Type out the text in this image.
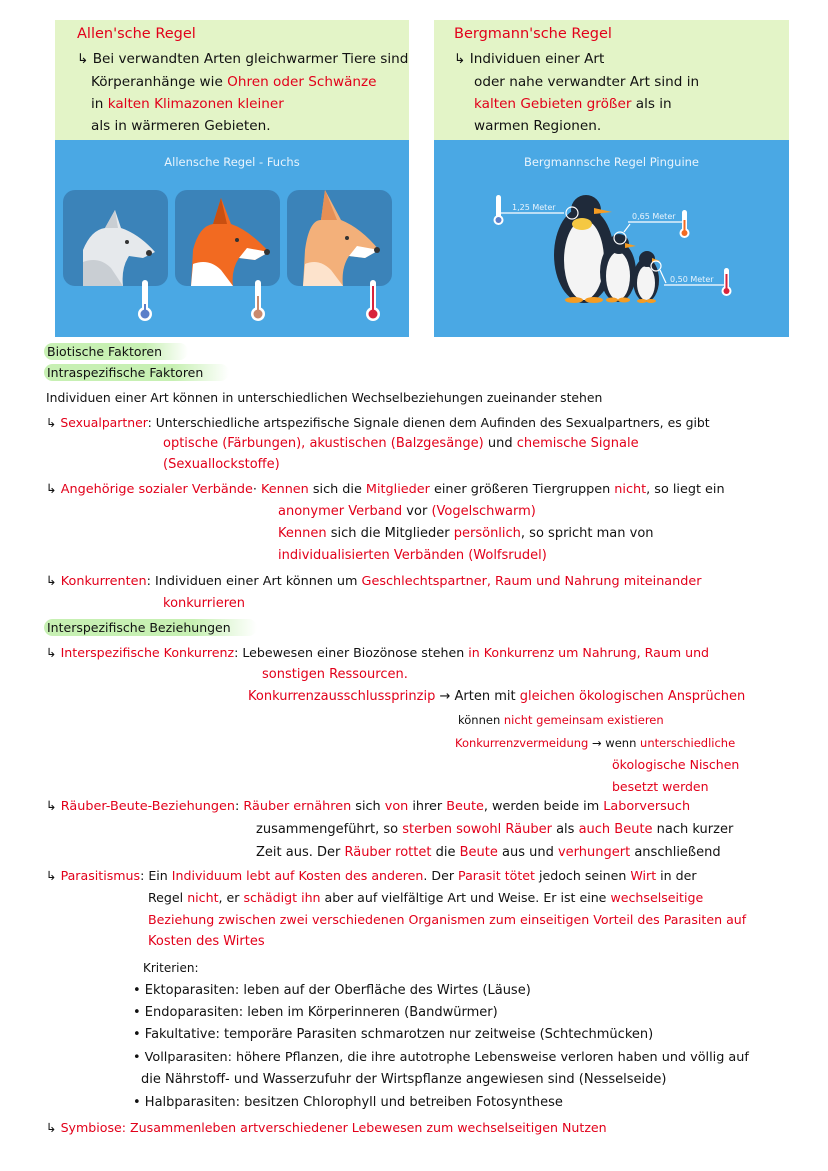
Allen'sche Regel
↳ Bei verwandten Arten gleichwarmer Tiere sind
Körperanhänge wie Ohren oder Schwänze
in kalten Klimazonen kleiner
als in wärmeren Gebieten.
Bergmann'sche Regel
↳ Individuen einer Art
oder nahe verwandter Art sind in
kalten Gebieten größer als in
warmen Regionen.
Allensche Regel - Fuchs	Bergmannsche Regel Pinguine
1,25 Meter
0,65 Meter
0,50 Meter
Biotische Faktoren
Intraspezifische Faktoren
Individuen einer Art können in unterschiedlichen Wechselbeziehungen zueinander stehen
↳ Sexualpartner: Unterschiedliche artspezifische Signale dienen dem Aufinden des Sexualpartners, es gibt
optische (Färbungen), akustischen (Balzgesänge) und chemische Signale
(Sexuallockstoffe)
↳ Angehörige sozialer Verbände· Kennen sich die Mitglieder einer größeren Tiergruppen nicht, so liegt ein
anonymer Verband vor (Vogelschwarm)
Kennen sich die Mitglieder persönlich, so spricht man von
individualisierten Verbänden (Wolfsrudel)
↳ Konkurrenten: Individuen einer Art können um Geschlechtspartner, Raum und Nahrung miteinander
konkurrieren
Interspezifische Beziehungen
↳ Interspezifische Konkurrenz: Lebewesen einer Biozönose stehen in Konkurrenz um Nahrung, Raum und
sonstigen Ressourcen.
Konkurrenzausschlussprinzip → Arten mit gleichen ökologischen Ansprüchen
können nicht gemeinsam existieren
Konkurrenzvermeidung → wenn unterschiedliche
ökologische Nischen
besetzt werden
↳ Räuber-Beute-Beziehungen: Räuber ernähren sich von ihrer Beute, werden beide im Laborversuch
zusammengeführt, so sterben sowohl Räuber als auch Beute nach kurzer
Zeit aus. Der Räuber rottet die Beute aus und verhungert anschließend
↳ Parasitismus: Ein Individuum lebt auf Kosten des anderen. Der Parasit tötet jedoch seinen Wirt in der
Regel nicht, er schädigt ihn aber auf vielfältige Art und Weise. Er ist eine wechselseitige
Beziehung zwischen zwei verschiedenen Organismen zum einseitigen Vorteil des Parasiten auf
Kosten des Wirtes
Kriterien:
• Ektoparasiten: leben auf der Oberfläche des Wirtes (Läuse)
• Endoparasiten: leben im Körperinneren (Bandwürmer)
• Fakultative: temporäre Parasiten schmarotzen nur zeitweise (Schtechmücken)
• Vollparasiten: höhere Pflanzen, die ihre autotrophe Lebensweise verloren haben und völlig auf
die Nährstoff- und Wasserzufuhr der Wirtspflanze angewiesen sind (Nesselseide)
• Halbparasiten: besitzen Chlorophyll und betreiben Fotosynthese
↳ Symbiose: Zusammenleben artverschiedener Lebewesen zum wechselseitigen Nutzen
